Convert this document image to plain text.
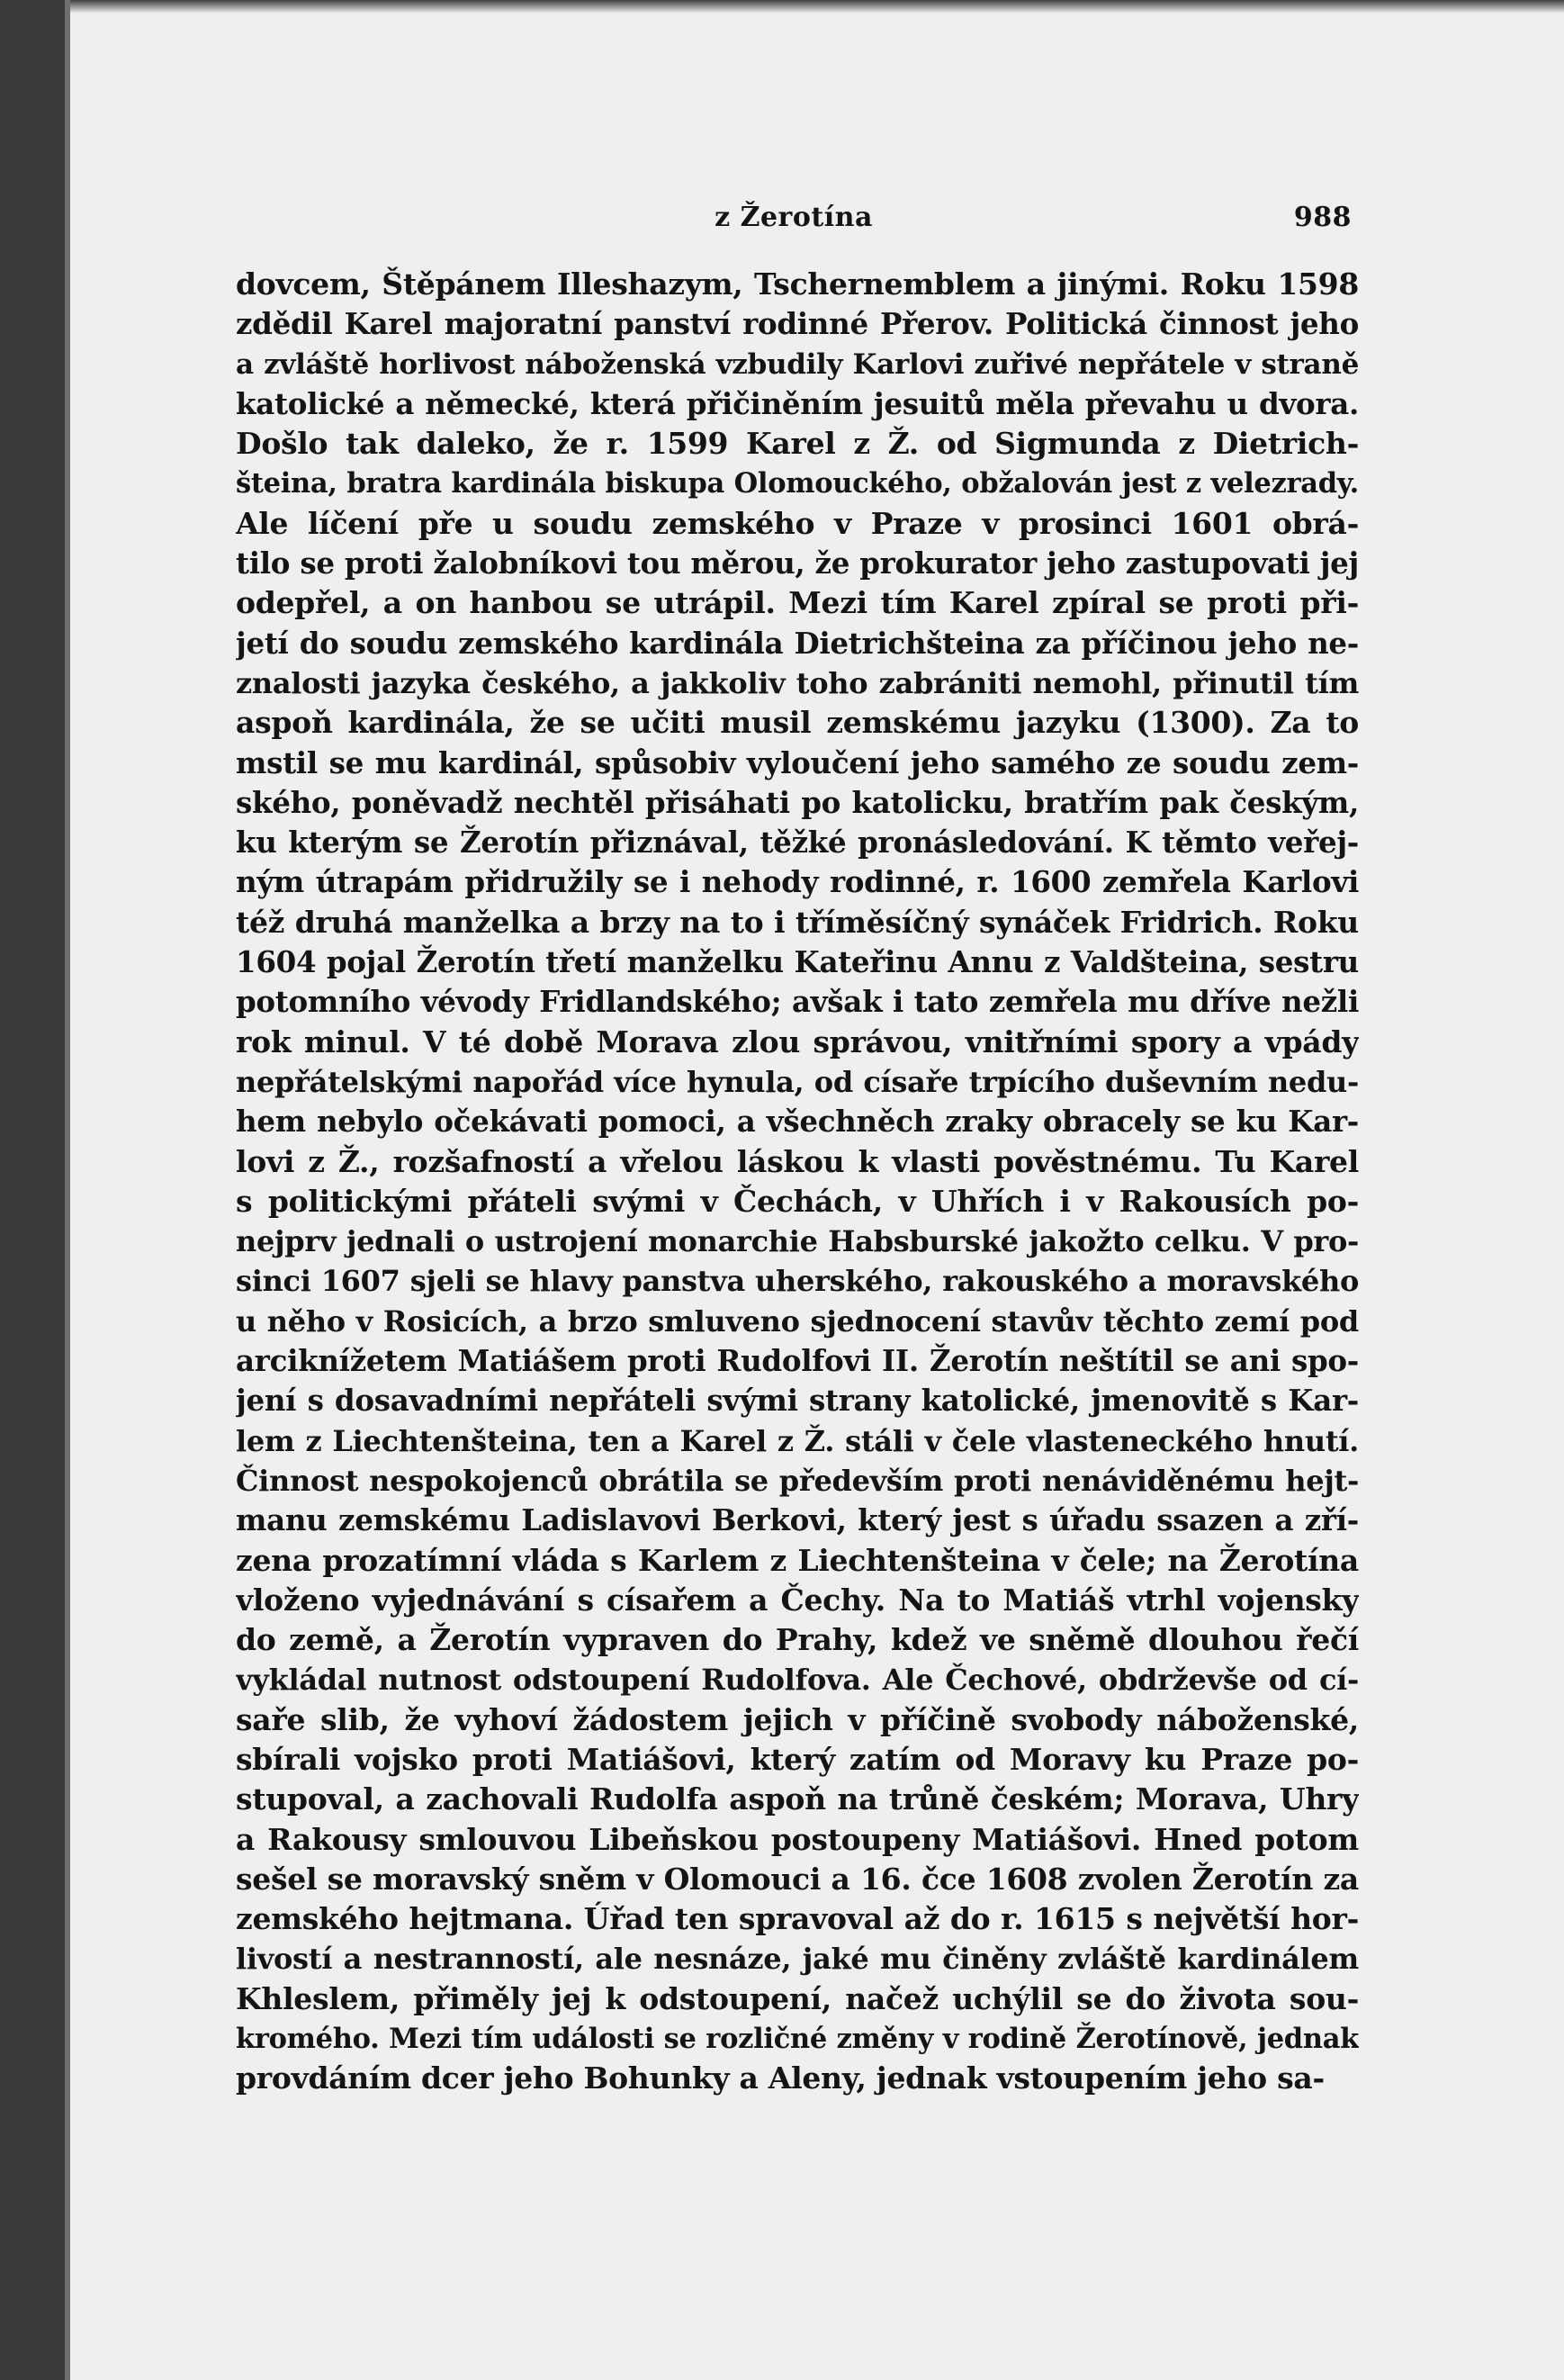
z Žerotína	988
dovcem, Štěpánem Illeshazym, Tschernemblem a jinými. Roku 1598
zdědil Karel majoratní panství rodinné Přerov. Politická činnost jeho
a zvláště horlivost náboženská vzbudily Karlovi zuřivé nepřátele v straně
katolické a německé, která přičiněním jesuitů měla převahu u dvora.
Došlo tak daleko, že r. 1599 Karel z Ž. od Sigmunda z Dietrich-
šteina, bratra kardinála biskupa Olomouckého, obžalován jest z velezrady.
Ale líčení pře u soudu zemského v Praze v prosinci 1601 obrá-
tilo se proti žalobníkovi tou měrou, že prokurator jeho zastupovati jej
odepřel, a on hanbou se utrápil. Mezi tím Karel zpíral se proti při-
jetí do soudu zemského kardinála Dietrichšteina za příčinou jeho ne-
znalosti jazyka českého, a jakkoliv toho zabrániti nemohl, přinutil tím
aspoň kardinála, že se učiti musil zemskému jazyku (1300). Za to
mstil se mu kardinál, spůsobiv vyloučení jeho samého ze soudu zem-
ského, poněvadž nechtěl přisáhati po katolicku, bratřím pak českým,
ku kterým se Žerotín přiznával, těžké pronásledování. K těmto veřej-
ným útrapám přidružily se i nehody rodinné, r. 1600 zemřela Karlovi
též druhá manželka a brzy na to i tříměsíčný synáček Fridrich. Roku
1604 pojal Žerotín třetí manželku Kateřinu Annu z Valdšteina, sestru
potomního vévody Fridlandského; avšak i tato zemřela mu dříve nežli
rok minul. V té době Morava zlou správou, vnitřními spory a vpády
nepřátelskými napořád více hynula, od císaře trpícího duševním nedu-
hem nebylo očekávati pomoci, a všechněch zraky obracely se ku Kar-
lovi z Ž., rozšafností a vřelou láskou k vlasti pověstnému. Tu Karel
s politickými přáteli svými v Čechách, v Uhřích i v Rakousích po-
nejprv jednali o ustrojení monarchie Habsburské jakožto celku. V pro-
sinci 1607 sjeli se hlavy panstva uherského, rakouského a moravského
u něho v Rosicích, a brzo smluveno sjednocení stavův těchto zemí pod
arciknížetem Matiášem proti Rudolfovi II. Žerotín neštítil se ani spo-
jení s dosavadními nepřáteli svými strany katolické, jmenovitě s Kar-
lem z Liechtenšteina, ten a Karel z Ž. stáli v čele vlasteneckého hnutí.
Činnost nespokojenců obrátila se především proti nenáviděnému hejt-
manu zemskému Ladislavovi Berkovi, který jest s úřadu ssazen a zří-
zena prozatímní vláda s Karlem z Liechtenšteina v čele; na Žerotína
vloženo vyjednávání s císařem a Čechy. Na to Matiáš vtrhl vojensky
do země, a Žerotín vypraven do Prahy, kdež ve sněmě dlouhou řečí
vykládal nutnost odstoupení Rudolfova. Ale Čechové, obdrževše od cí-
saře slib, že vyhoví žádostem jejich v příčině svobody náboženské,
sbírali vojsko proti Matiášovi, který zatím od Moravy ku Praze po-
stupoval, a zachovali Rudolfa aspoň na trůně českém; Morava, Uhry
a Rakousy smlouvou Libeňskou postoupeny Matiášovi. Hned potom
sešel se moravský sněm v Olomouci a 16. čce 1608 zvolen Žerotín za
zemského hejtmana. Úřad ten spravoval až do r. 1615 s největší hor-
livostí a nestranností, ale nesnáze, jaké mu činěny zvláště kardinálem
Khleslem, přiměly jej k odstoupení, načež uchýlil se do života sou-
kromého. Mezi tím události se rozličné změny v rodině Žerotínově, jednak
provdáním dcer jeho Bohunky a Aleny, jednak vstoupením jeho sa-
